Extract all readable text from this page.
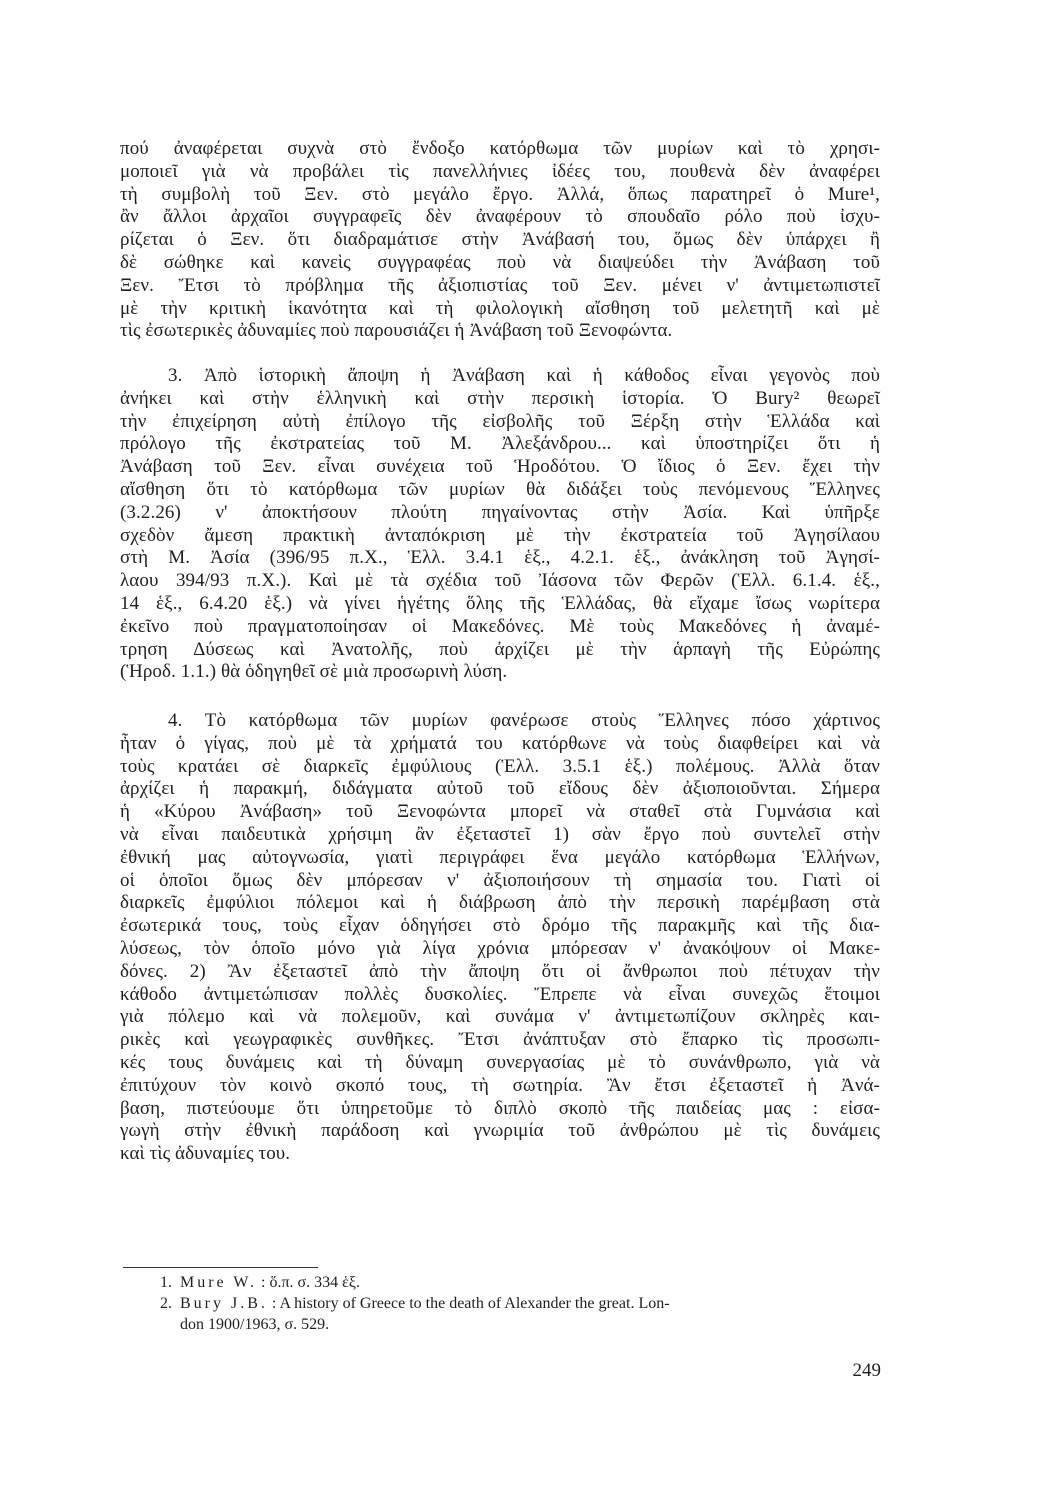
πού ἀναφέρεται συχνὰ στὸ ἔνδοξο κατόρθωμα τῶν μυρίων καὶ τὸ χρησι-
μοποιεῖ γιὰ νὰ προβάλει τὶς πανελλήνιες ἰδέες του, πουθενὰ δὲν ἀναφέρει
τὴ συμβολὴ τοῦ Ξεν. στὸ μεγάλο ἔργο. Ἀλλά, ὅπως παρατηρεῖ ὁ Mure¹,
ἂν ἄλλοι ἀρχαῖοι συγγραφεῖς δὲν ἀναφέρουν τὸ σπουδαῖο ρόλο ποὺ ἰσχυ-
ρίζεται ὁ Ξεν. ὅτι διαδραμάτισε στὴν Ἀνάβασή του, ὅμως δὲν ὑπάρχει ἢ
δὲ σώθηκε καὶ κανεὶς συγγραφέας ποὺ νὰ διαψεύδει τὴν Ἀνάβαση τοῦ
Ξεν. Ἔτσι τὸ πρόβλημα τῆς ἀξιοπιστίας τοῦ Ξεν. μένει ν' ἀντιμετωπιστεῖ
μὲ τὴν κριτικὴ ἱκανότητα καὶ τὴ φιλολογικὴ αἴσθηση τοῦ μελετητῆ καὶ μὲ
τὶς ἐσωτερικὲς ἀδυναμίες ποὺ παρουσιάζει ἡ Ἀνάβαση τοῦ Ξενοφώντα.
3. Ἀπὸ ἱστορικὴ ἄποψη ἡ Ἀνάβαση καὶ ἡ κάθοδος εἶναι γεγονὸς ποὺ
ἀνήκει καὶ στὴν ἑλληνικὴ καὶ στὴν περσικὴ ἱστορία. Ὁ Bury² θεωρεῖ
τὴν ἐπιχείρηση αὐτὴ ἐπίλογο τῆς εἰσβολῆς τοῦ Ξέρξη στὴν Ἑλλάδα καὶ
πρόλογο τῆς ἐκστρατείας τοῦ Μ. Ἀλεξάνδρου... καὶ ὑποστηρίζει ὅτι ἡ
Ἀνάβαση τοῦ Ξεν. εἶναι συνέχεια τοῦ Ἡροδότου. Ὁ ἴδιος ὁ Ξεν. ἔχει τὴν
αἴσθηση ὅτι τὸ κατόρθωμα τῶν μυρίων θὰ διδάξει τοὺς πενόμενους Ἕλληνες
(3.2.26) ν' ἀποκτήσουν πλούτη πηγαίνοντας στὴν Ἀσία. Καὶ ὑπῆρξε
σχεδὸν ἄμεση πρακτικὴ ἀνταπόκριση μὲ τὴν ἐκστρατεία τοῦ Ἀγησίλαου
στὴ Μ. Ἀσία (396/95 π.Χ., Ἑλλ. 3.4.1 ἑξ., 4.2.1. ἑξ., ἀνάκληση τοῦ Ἀγησί-
λαου 394/93 π.Χ.). Καὶ μὲ τὰ σχέδια τοῦ Ἰάσονα τῶν Φερῶν (Ἑλλ. 6.1.4. ἑξ.,
14 ἑξ., 6.4.20 ἑξ.) νὰ γίνει ἡγέτης ὅλης τῆς Ἑλλάδας, θὰ εἴχαμε ἴσως νωρίτερα
ἐκεῖνο ποὺ πραγματοποίησαν οἱ Μακεδόνες. Μὲ τοὺς Μακεδόνες ἡ ἀναμέ-
τρηση Δύσεως καὶ Ἀνατολῆς, ποὺ ἀρχίζει μὲ τὴν ἁρπαγὴ τῆς Εὐρώπης
(Ἡροδ. 1.1.) θὰ ὁδηγηθεῖ σὲ μιὰ προσωρινὴ λύση.
4. Τὸ κατόρθωμα τῶν μυρίων φανέρωσε στοὺς Ἕλληνες πόσο χάρτινος
ἦταν ὁ γίγας, ποὺ μὲ τὰ χρήματά του κατόρθωνε νὰ τοὺς διαφθείρει καὶ νὰ
τοὺς κρατάει σὲ διαρκεῖς ἐμφύλιους (Ἑλλ. 3.5.1 ἑξ.) πολέμους. Ἀλλὰ ὅταν
ἀρχίζει ἡ παρακμή, διδάγματα αὐτοῦ τοῦ εἴδους δὲν ἀξιοποιοῦνται. Σήμερα
ἡ «Κύρου Ἀνάβαση» τοῦ Ξενοφώντα μπορεῖ νὰ σταθεῖ στὰ Γυμνάσια καὶ
νὰ εἶναι παιδευτικὰ χρήσιμη ἂν ἐξεταστεῖ 1) σὰν ἔργο ποὺ συντελεῖ στὴν
ἐθνική μας αὐτογνωσία, γιατὶ περιγράφει ἕνα μεγάλο κατόρθωμα Ἑλλήνων,
οἱ ὁποῖοι ὅμως δὲν μπόρεσαν ν' ἀξιοποιήσουν τὴ σημασία του. Γιατὶ οἱ
διαρκεῖς ἐμφύλιοι πόλεμοι καὶ ἡ διάβρωση ἀπὸ τὴν περσικὴ παρέμβαση στὰ
ἐσωτερικά τους, τοὺς εἶχαν ὁδηγήσει στὸ δρόμο τῆς παρακμῆς καὶ τῆς δια-
λύσεως, τὸν ὁποῖο μόνο γιὰ λίγα χρόνια μπόρεσαν ν' ἀνακόψουν οἱ Μακε-
δόνες. 2) Ἂν ἐξεταστεῖ ἀπὸ τὴν ἄποψη ὅτι οἱ ἄνθρωποι ποὺ πέτυχαν τὴν
κάθοδο ἀντιμετώπισαν πολλὲς δυσκολίες. Ἔπρεπε νὰ εἶναι συνεχῶς ἕτοιμοι
γιὰ πόλεμο καὶ νὰ πολεμοῦν, καὶ συνάμα ν' ἀντιμετωπίζουν σκληρὲς και-
ρικὲς καὶ γεωγραφικὲς συνθῆκες. Ἔτσι ἀνάπτυξαν στὸ ἔπαρκο τὶς προσωπι-
κές τους δυνάμεις καὶ τὴ δύναμη συνεργασίας μὲ τὸ συνάνθρωπο, γιὰ νὰ
ἐπιτύχουν τὸν κοινὸ σκοπό τους, τὴ σωτηρία. Ἂν ἔτσι ἐξεταστεῖ ἡ Ἀνά-
βαση, πιστεύουμε ὅτι ὑπηρετοῦμε τὸ διπλὸ σκοπὸ τῆς παιδείας μας : εἰσα-
γωγὴ στὴν ἐθνικὴ παράδοση καὶ γνωριμία τοῦ ἀνθρώπου μὲ τὶς δυνάμεις
καὶ τὶς ἀδυναμίες του.
1. Mure W. : ὅ.π. σ. 334 ἑξ.
2. Bury J.B. : A history of Greece to the death of Alexander the great. Lon-
don 1900/1963, σ. 529.
249
